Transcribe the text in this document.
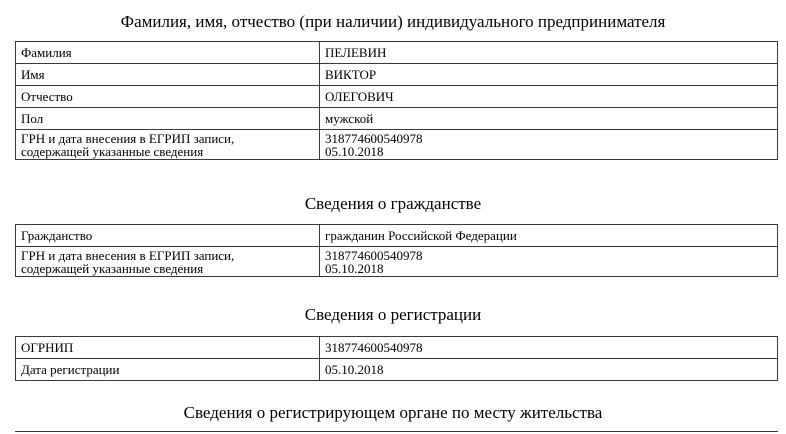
Фамилия, имя, отчество (при наличии) индивидуального предпринимателя
Фамилия	ПЕЛЕВИН
Имя	ВИКТОР
Отчество	ОЛЕГОВИЧ
Пол	мужской

ГРН и дата внесения в ЕГРИП записи,
содержащей указанные сведения	318774600540978
05.10.2018
Сведения о гражданстве
Гражданство	гражданин Российской Федерации

ГРН и дата внесения в ЕГРИП записи,
содержащей указанные сведения	318774600540978
05.10.2018
Сведения о регистрации
ОГРНИП	318774600540978
Дата регистрации	05.10.2018
Сведения о регистрирующем органе по месту жительства
